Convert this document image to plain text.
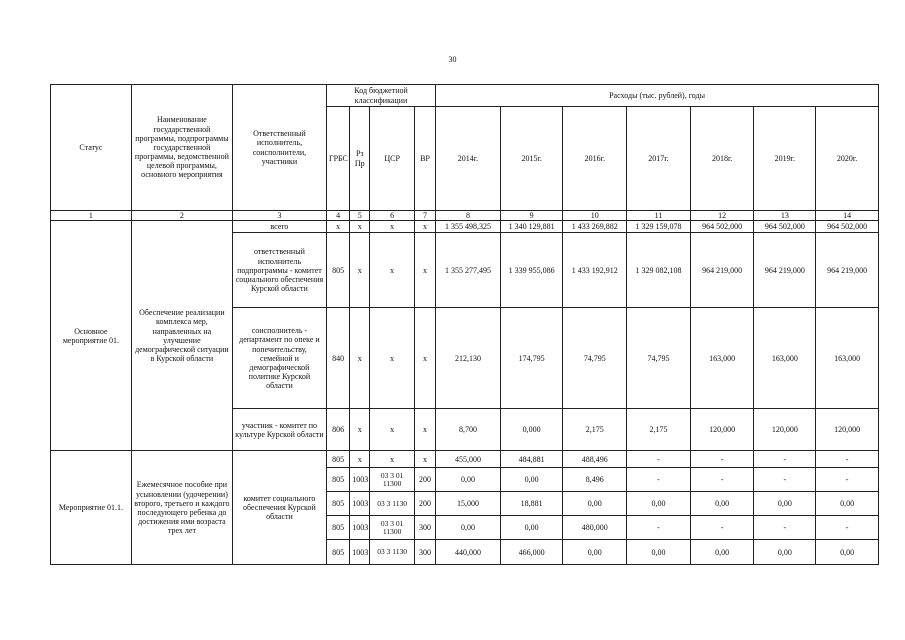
30
Статус	Наименование государственной программы, подпрограммы государственной программы, ведомственной целевой программы, основного мероприятия	Ответственный исполнитель, соисполнители, участники	Код бюджетной классификации				Расходы (тыс. рублей), годы						
			ГРБС	Рз Пр	ЦСР	ВР	2014г.	2015г.	2016г.	2017г.	2018г.	2019г.	2020г.
1	2	3	4	5	6	7	8	9	10	11	12	13	14
Основное мероприятие 01.	Обеспечение реализации комплекса мер, направленных на улучшение демографической ситуации в Курской области	всего	х	х	х	х	1 355 498,325	1 340 129,881	1 433 269,882	1 329 159,078	964 502,000	964 502,000	964 502,000
		ответственный исполнитель подпрограммы - комитет социального обеспечения Курской области	805	х	х	х	1 355 277,495	1 339 955,086	1 433 192,912	1 329 082,108	964 219,000	964 219,000	964 219,000
		соисполнитель - департамент по опеке и попечительству, семейной и демографической политике Курской области	840	х	х	х	212,130	174,795	74,795	74,795	163,000	163,000	163,000
		участник - комитет по культуре Курской области	806	х	х	х	8,700	0,000	2,175	2,175	120,000	120,000	120,000
Мероприятие 01.1.	Ежемесячное пособие при усыновлении (удочерении) второго, третьего и каждого последующего ребенка до достижения ими возраста трех лет	комитет социального обеспечения Курской области	805	х	х	х	455,000	484,881	488,496	-	-	-	-
			805	1003	03 3 01 11300	200	0,00	0,00	8,496	-	-	-	-
			805	1003	03 3 1130	200	15,000	18,881	0,00	0,00	0,00	0,00	0,00
			805	1003	03 3 01 11300	300	0,00	0,00	480,000	-	-	-	-
			805	1003	03 3 1130	300	440,000	466,000	0,00	0,00	0,00	0,00	0,00
